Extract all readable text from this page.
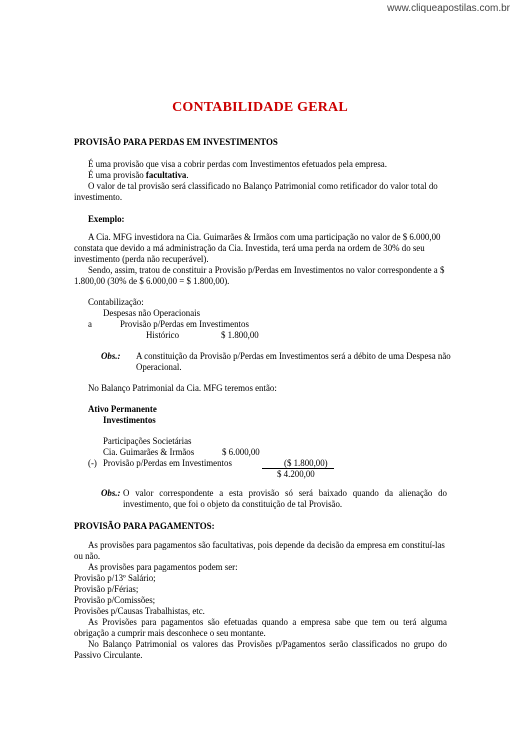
www.cliqueapostilas.com.br
CONTABILIDADE GERAL
PROVISÃO PARA PERDAS EM INVESTIMENTOS
É uma provisão que visa a cobrir perdas com Investimentos efetuados pela empresa.
É uma provisão facultativa.
O valor de tal provisão será classificado no Balanço Patrimonial como retificador do valor total do
investimento.
Exemplo:
A Cia. MFG investidora na Cia. Guimarães & Irmãos com uma participação no valor de $ 6.000,00
constata que devido a má administração da Cia. Investida, terá uma perda na ordem de 30% do seu
investimento (perda não recuperável).
Sendo, assim, tratou de constituir a Provisão p/Perdas em Investimentos no valor correspondente a $
1.800,00 (30% de $ 6.000,00 = $ 1.800,00).
Contabilização:
Despesas não Operacionais
a	Provisão p/Perdas em Investimentos
Histórico	$ 1.800,00
Obs.: A constituição da Provisão p/Perdas em Investimentos será a débito de uma Despesa não
Operacional.
No Balanço Patrimonial da Cia. MFG teremos então:
Ativo Permanente
Investimentos
Participações Societárias
Cia. Guimarães & Irmãos	$ 6.000,00
(-) Provisão p/Perdas em Investimentos	($ 1.800,00)
$ 4.200,00
Obs.: O valor correspondente a esta provisão só será baixado quando da alienação do
investimento, que foi o objeto da constituição de tal Provisão.
PROVISÃO PARA PAGAMENTOS:
As provisões para pagamentos são facultativas, pois depende da decisão da empresa em constituí-las
ou não.
As provisões para pagamentos podem ser:
Provisão p/13º Salário;
Provisão p/Férias;
Provisão p/Comissões;
Provisões p/Causas Trabalhistas, etc.
As Provisões para pagamentos são efetuadas quando a empresa sabe que tem ou terá alguma
obrigação a cumprir mais desconhece o seu montante.
No Balanço Patrimonial os valores das Provisões p/Pagamentos serão classificados no grupo do
Passivo Circulante.
